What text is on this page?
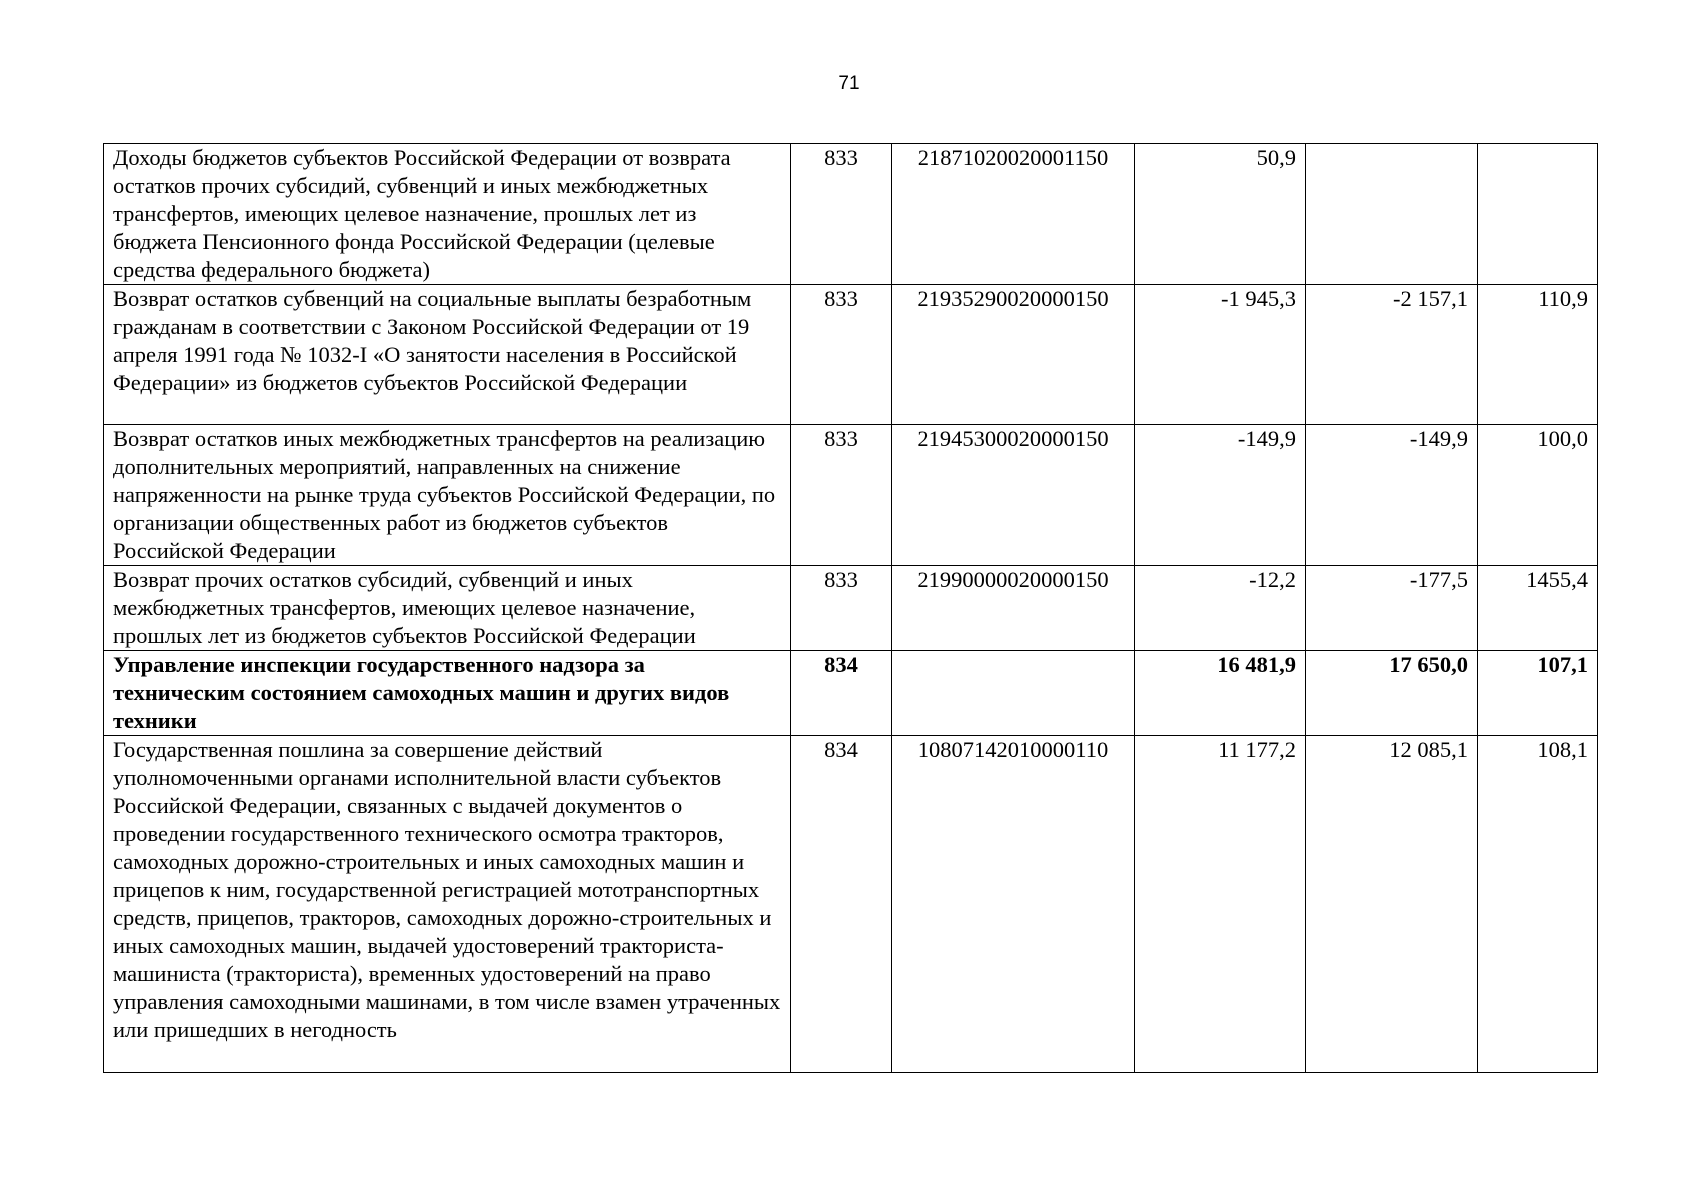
71
Доходы бюджетов субъектов Российской Федерации от возврата остатков прочих субсидий, субвенций и иных межбюджетных трансфертов, имеющих целевое назначение, прошлых лет из бюджета Пенсионного фонда Российской Федерации (целевые средства федерального бюджета)	833	21871020020001150	50,9		
Возврат остатков субвенций на социальные выплаты безработным гражданам в соответствии с Законом Российской Федерации от 19 апреля 1991 года № 1032-I «О занятости населения в Российской Федерации» из бюджетов субъектов Российской Федерации	833	21935290020000150	-1 945,3	-2 157,1	110,9
Возврат остатков иных межбюджетных трансфертов на реализацию дополнительных мероприятий, направленных на снижение напряженности на рынке труда субъектов Российской Федерации, по организации общественных работ из бюджетов субъектов Российской Федерации	833	21945300020000150	-149,9	-149,9	100,0
Возврат прочих остатков субсидий, субвенций и иных межбюджетных трансфертов, имеющих целевое назначение, прошлых лет из бюджетов субъектов Российской Федерации	833	21990000020000150	-12,2	-177,5	1455,4
Управление инспекции государственного надзора за техническим состоянием самоходных машин и других видов техники	834		16 481,9	17 650,0	107,1
Государственная пошлина за совершение действий уполномоченными органами исполнительной власти субъектов Российской Федерации, связанных с выдачей документов о проведении государственного технического осмотра тракторов, самоходных дорожно-строительных и иных самоходных машин и прицепов к ним, государственной регистрацией мототранспортных средств, прицепов, тракторов, самоходных дорожно-строительных и иных самоходных машин, выдачей удостоверений тракториста-машиниста (тракториста), временных удостоверений на право управления самоходными машинами, в том числе взамен утраченных или пришедших в негодность	834	10807142010000110	11 177,2	12 085,1	108,1
